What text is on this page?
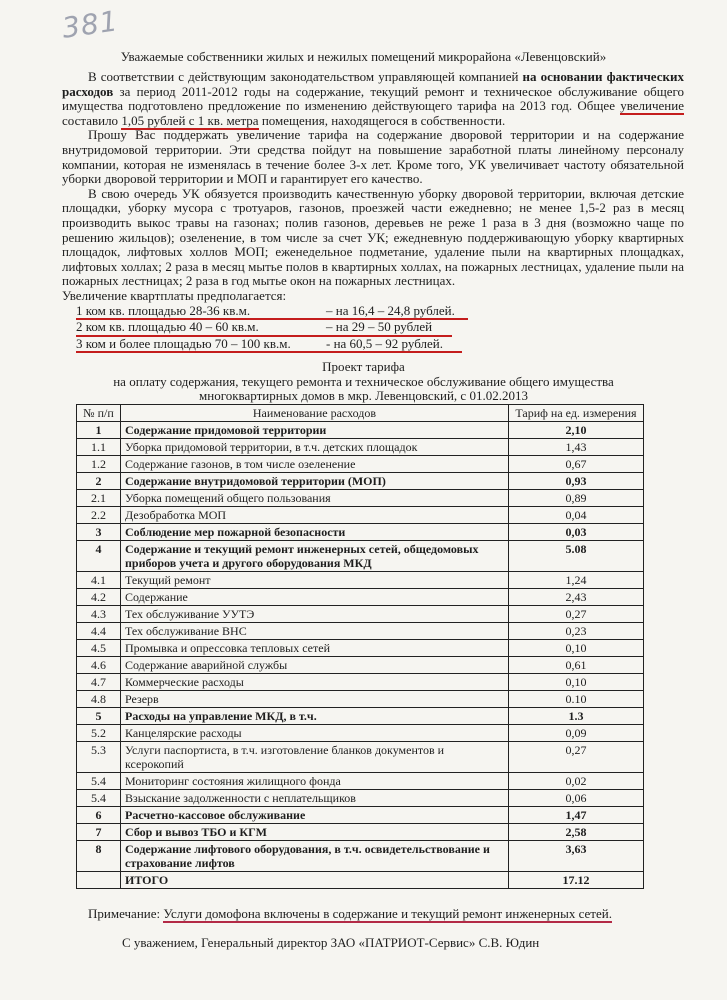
381
Уважаемые собственники жилых и нежилых помещений микрорайона «Левенцовский»

В соответствии с действующим законодательством управляющей компанией на основании фактических расходов за период 2011-2012 годы на содержание, текущий ремонт и техническое обслуживание общего имущества подготовлено предложение по изменению действующего тарифа на 2013 год. Общее увеличение составило 1,05 рублей с 1 кв. метра помещения, находящегося в собственности.

Прошу Вас поддержать увеличение тарифа на содержание дворовой территории и на содержание внутридомовой территории. Эти средства пойдут на повышение заработной платы линейному персоналу компании, которая не изменялась в течение более 3-х лет. Кроме того, УК увеличивает частоту обязательной уборки дворовой территории и МОП и гарантирует его качество.

В свою очередь УК обязуется производить качественную уборку дворовой территории, включая детские площадки, уборку мусора с тротуаров, газонов, проезжей части ежедневно; не менее 1,5-2 раз в месяц производить выкос травы на газонах; полив газонов, деревьев не реже 1 раза в 3 дня (возможно чаще по решению жильцов); озеленение, в том числе за счет УК; ежедневную поддерживающую уборку квартирных площадок, лифтовых холлов МОП; еженедельное подметание, удаление пыли на квартирных площадках, лифтовых холлах; 2 раза в месяц мытье полов в квартирных холлах, на пожарных лестницах, удаление пыли на пожарных лестницах; 2 раза в год мытье окон на пожарных лестницах.

Увеличение квартплаты предполагается:

1 ком кв. площадью 28-36 кв.м.	– на 16,4 – 24,8 рублей.
2 ком кв. площадью 40 – 60 кв.м.	– на 29 – 50 рублей
3 ком и более площадью 70 – 100 кв.м.	- на 60,5 – 92 рублей.
Проект тарифа
на оплату содержания, текущего ремонта и техническое обслуживание общего имущества
многоквартирных домов в мкр. Левенцовский, с 01.02.2013
№ п/п	Наименование расходов	Тариф на ед. измерения
1	Содержание придомовой территории	2,10
1.1	Уборка придомовой территории, в т.ч. детских площадок	1,43
1.2	Содержание газонов, в том числе озеленение	0,67
2	Содержание внутридомовой территории (МОП)	0,93
2.1	Уборка помещений общего пользования	0,89
2.2	Дезобработка МОП	0,04
3	Соблюдение мер пожарной безопасности	0,03
4	Содержание и текущий ремонт инженерных сетей, общедомовых приборов учета и другого оборудования МКД	5.08
4.1	Текущий ремонт	1,24
4.2	Содержание	2,43
4.3	Тех обслуживание УУТЭ	0,27
4.4	Тех обслуживание ВНС	0,23
4.5	Промывка и опрессовка тепловых сетей	0,10
4.6	Содержание аварийной службы	0,61
4.7	Коммерческие расходы	0,10
4.8	Резерв	0.10
5	Расходы на управление МКД, в т.ч.	1.3
5.2	Канцелярские расходы	0,09
5.3	Услуги паспортиста, в т.ч. изготовление бланков документов и ксерокопий	0,27
5.4	Мониторинг состояния жилищного фонда	0,02
5.4	Взыскание задолженности с неплательщиков	0,06
6	Расчетно-кассовое обслуживание	1,47
7	Сбор и вывоз ТБО и КГМ	2,58
8	Содержание лифтового оборудования, в т.ч. освидетельствование и страхование лифтов	3,63
	ИТОГО	17.12
Примечание: Услуги домофона включены в содержание и текущий ремонт инженерных сетей.
С уважением, Генеральный директор ЗАО «ПАТРИОТ-Сервис» С.В. Юдин
